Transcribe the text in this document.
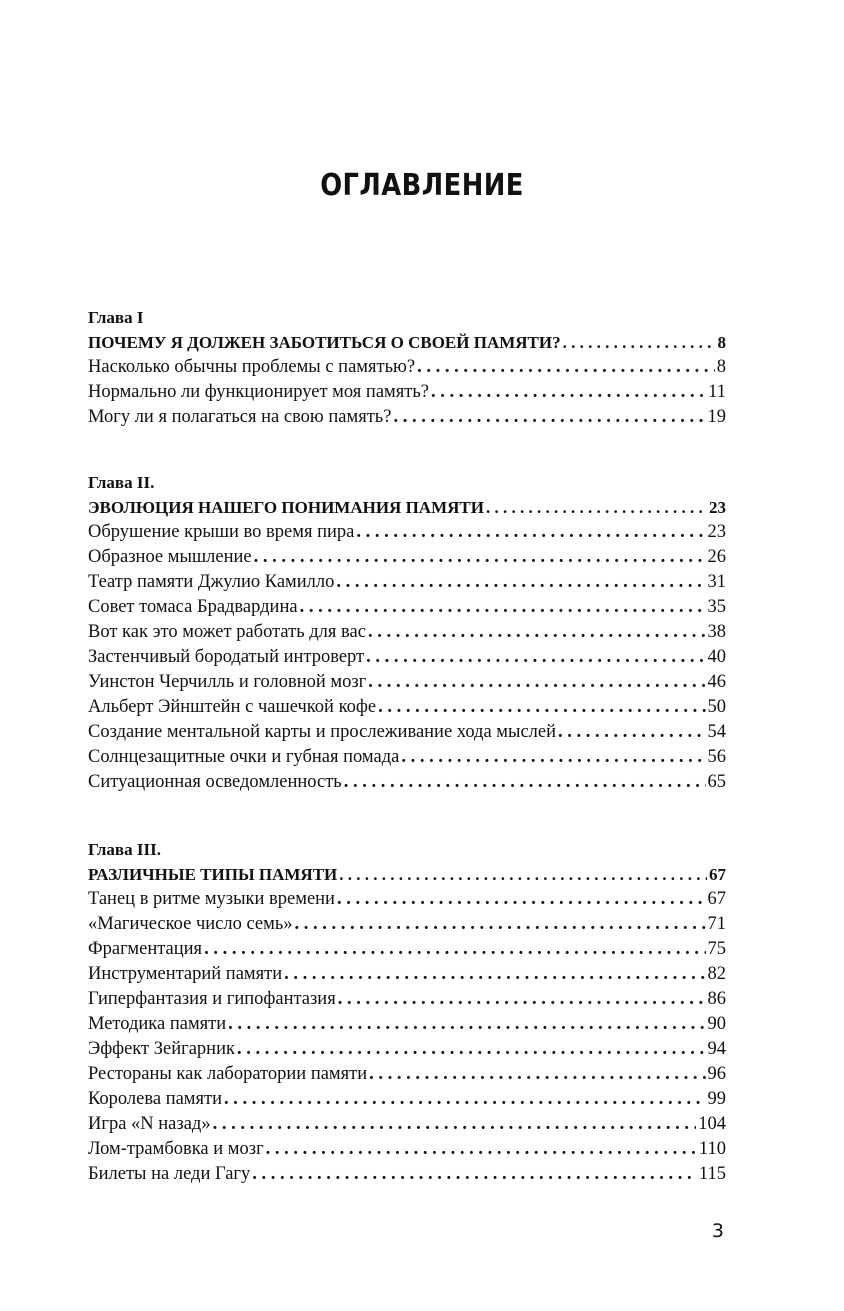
ОГЛАВЛЕНИЕ
Глава I
ПОЧЕМУ Я ДОЛЖЕН ЗАБОТИТЬСЯ О СВОЕЙ ПАМЯТИ? . . .	8
Насколько обычны проблемы с памятью? . . .	8
Нормально ли функционирует моя память? . . .	11
Могу ли я полагаться на свою память? . . .	19
Глава II.
ЭВОЛЮЦИЯ НАШЕГО ПОНИМАНИЯ ПАМЯТИ . . .	23
Обрушение крыши во время пира . . .	23
Образное мышление . . .	26
Театр памяти Джулио Камилло . . .	31
Совет томаса Брадвардина . . .	35
Вот как это может работать для вас . . .	38
Застенчивый бородатый интроверт . . .	40
Уинстон Черчилль и головной мозг . . .	46
Альберт Эйнштейн с чашечкой кофе . . .	50
Создание ментальной карты и прослеживание хода мыслей . . .	54
Солнцезащитные очки и губная помада . . .	56
Ситуационная осведомленность . . .	65
Глава III.
РАЗЛИЧНЫЕ ТИПЫ ПАМЯТИ . . .	67
Танец в ритме музыки времени . . .	67
«Магическое число семь» . . .	71
Фрагментация . . .	75
Инструментарий памяти . . .	82
Гиперфантазия и гипофантазия . . .	86
Методика памяти . . .	90
Эффект Зейгарник . . .	94
Рестораны как лаборатории памяти . . .	96
Королева памяти . . .	99
Игра «N назад» . . .	104
Лом-трамбовка и мозг . . .	110
Билеты на леди Гагу . . .	115
3
